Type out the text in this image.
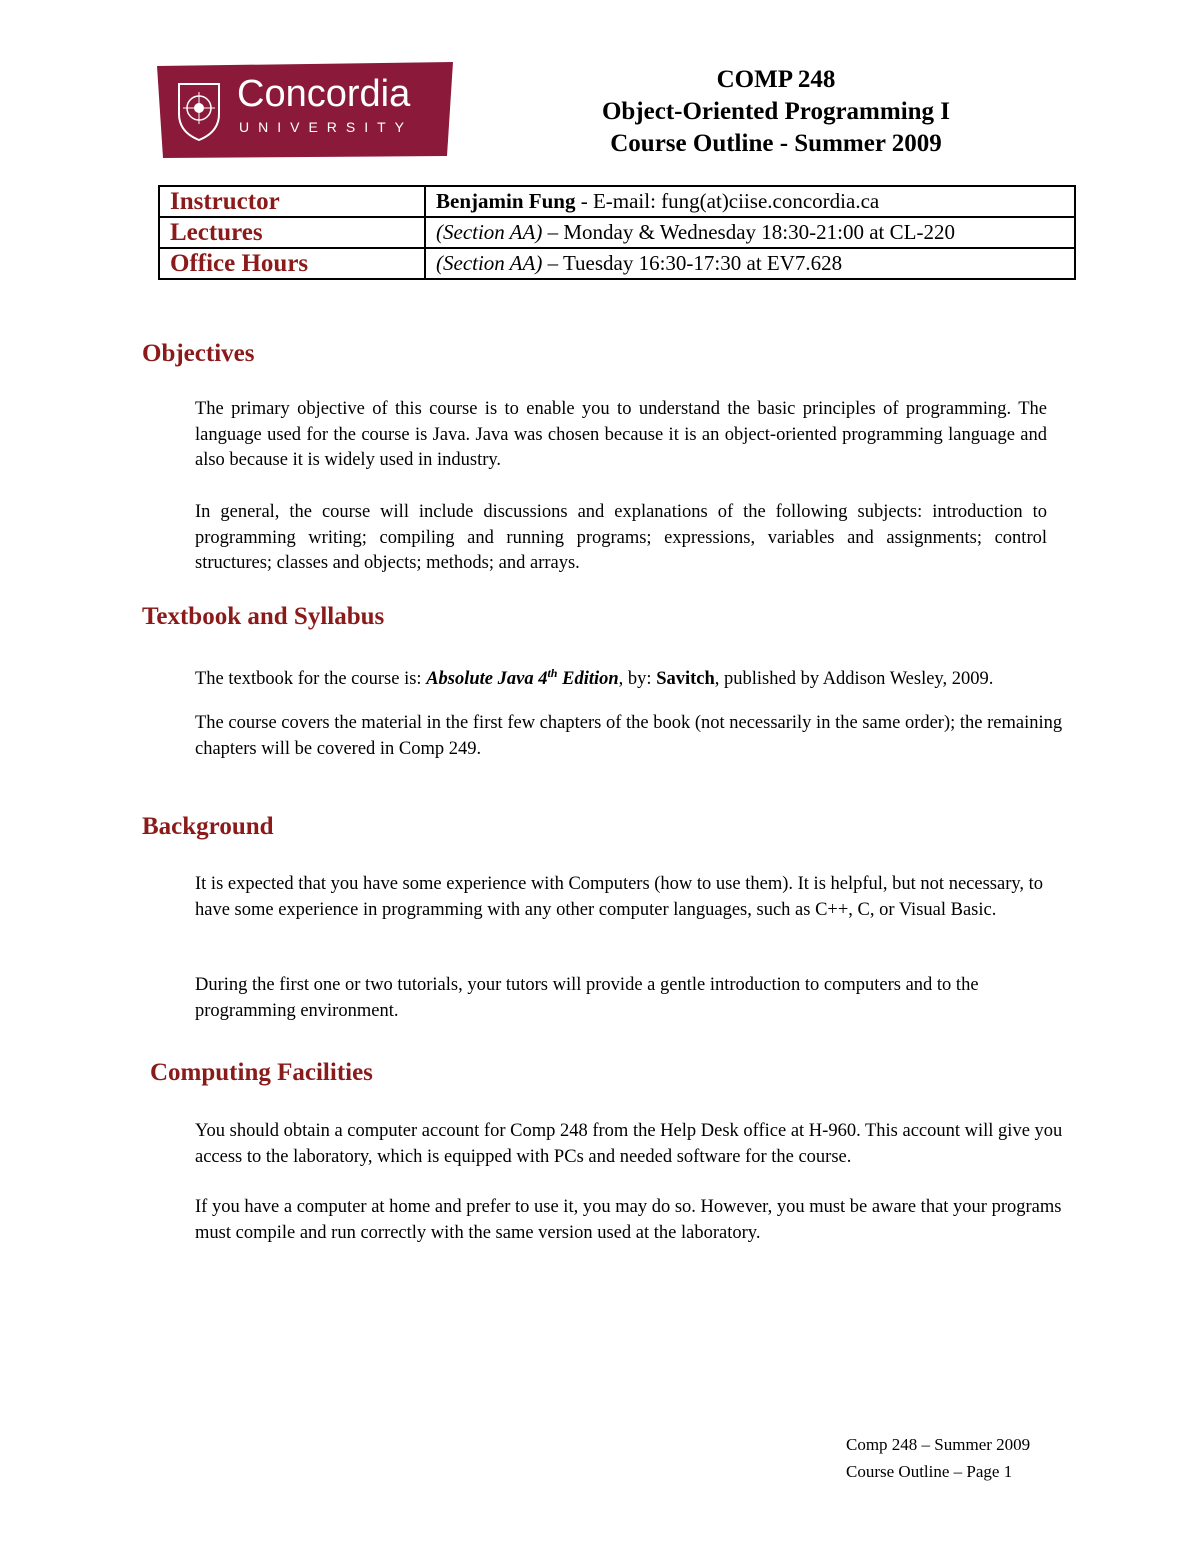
Concordia
UNIVERSITY
COMP 248
Object-Oriented Programming I
Course Outline - Summer 2009
Instructor	Benjamin Fung - E-mail: fung(at)ciise.concordia.ca
Lectures	(Section AA) – Monday & Wednesday 18:30-21:00 at CL-220
Office Hours	(Section AA) – Tuesday 16:30-17:30 at EV7.628
Objectives

The primary objective of this course is to enable you to understand the basic principles of programming. The language used for the course is Java. Java was chosen because it is an object-oriented programming language and also because it is widely used in industry.

In general, the course will include discussions and explanations of the following subjects: introduction to programming writing; compiling and running programs; expressions, variables and assignments; control structures; classes and objects; methods; and arrays.

Textbook and Syllabus

The textbook for the course is: Absolute Java 4th Edition, by: Savitch, published by Addison Wesley, 2009.

The course covers the material in the first few chapters of the book (not necessarily in the same order); the remaining chapters will be covered in Comp 249.

Background

It is expected that you have some experience with Computers (how to use them). It is helpful, but not necessary, to have some experience in programming with any other computer languages, such as C++, C, or Visual Basic.

During the first one or two tutorials, your tutors will provide a gentle introduction to computers and to the programming environment.

Computing Facilities

You should obtain a computer account for Comp 248 from the Help Desk office at H-960. This account will give you access to the laboratory, which is equipped with PCs and needed software for the course.

If you have a computer at home and prefer to use it, you may do so. However, you must be aware that your programs must compile and run correctly with the same version used at the laboratory.

Comp 248 – Summer 2009
Course Outline – Page 1
